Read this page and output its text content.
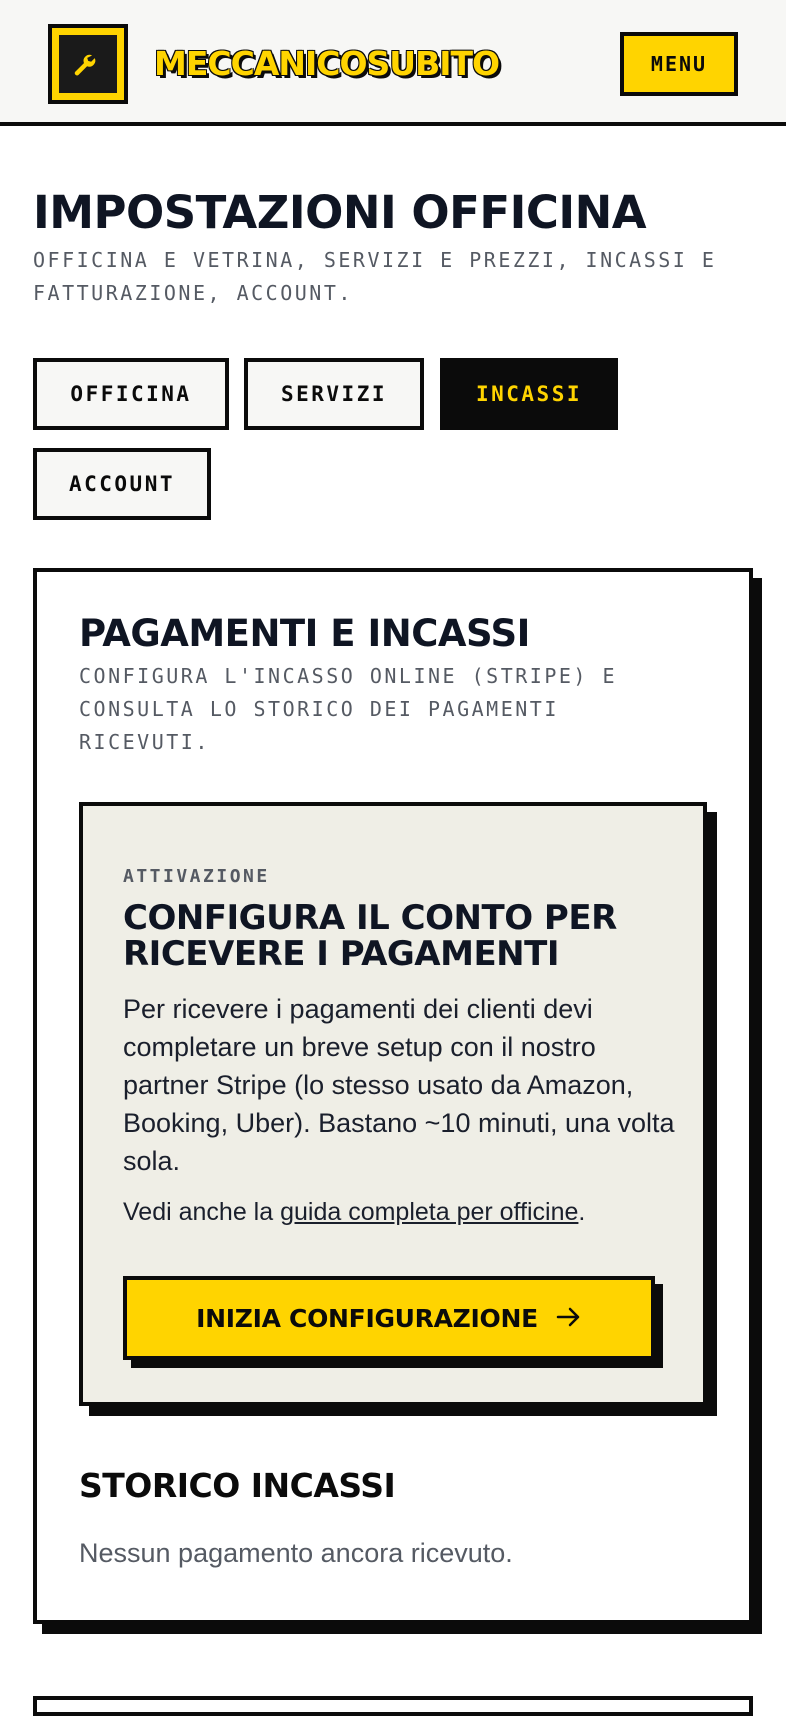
MECCANICOSUBITO	MENU
IMPOSTAZIONI OFFICINA
OFFICINA E VETRINA, SERVIZI E PREZZI, INCASSI E FATTURAZIONE, ACCOUNT.
OFFICINA	SERVIZI	INCASSI
ACCOUNT
PAGAMENTI E INCASSI
CONFIGURA L'INCASSO ONLINE (STRIPE) E CONSULTA LO STORICO DEI PAGAMENTI RICEVUTI.
ATTIVAZIONE
CONFIGURA IL CONTO PER RICEVERE I PAGAMENTI
Per ricevere i pagamenti dei clienti devi completare un breve setup con il nostro partner Stripe (lo stesso usato da Amazon, Booking, Uber). Bastano ~10 minuti, una volta sola.
Vedi anche la guida completa per officine.
INIZIA CONFIGURAZIONE
STORICO INCASSI
Nessun pagamento ancora ricevuto.
